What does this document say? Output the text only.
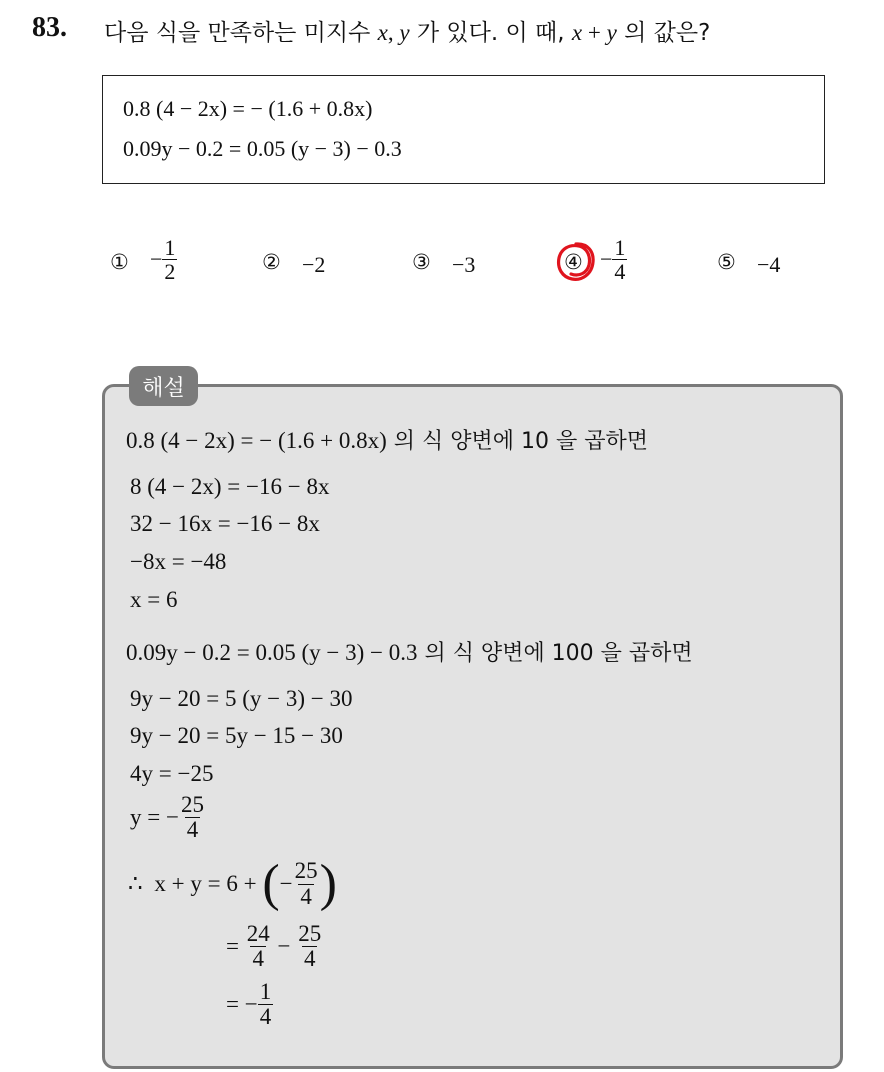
83. 다음 식을 만족하는 미지수 x, y 가 있다. 이 때, x + y 의 값은?
0.8 (4 − 2x) = − (1.6 + 0.8x)
0.09y − 0.2 = 0.05 (y − 3) − 0.3
① − $\frac{1}{2}$	② −2	③ −3	④ − $\frac{1}{4}$	⑤ −4
해설
0.8 (4 − 2x) = − (1.6 + 0.8x) 의 식 양변에 10 을 곱하면
8 (4 − 2x) = −16 − 8x
32 − 16x = −16 − 8x
−8x = −48
x = 6
0.09y − 0.2 = 0.05 (y − 3) − 0.3 의 식 양변에 100 을 곱하면
9y − 20 = 5 (y − 3) − 30
9y − 20 = 5y − 15 − 30
4y = −25
y = − $\frac{25}{4}$
∴ x + y = 6 + (− $\frac{25}{4}$ )
= $\frac{24}{4} - \frac{25}{4}$
= − $\frac{1}{4}$
